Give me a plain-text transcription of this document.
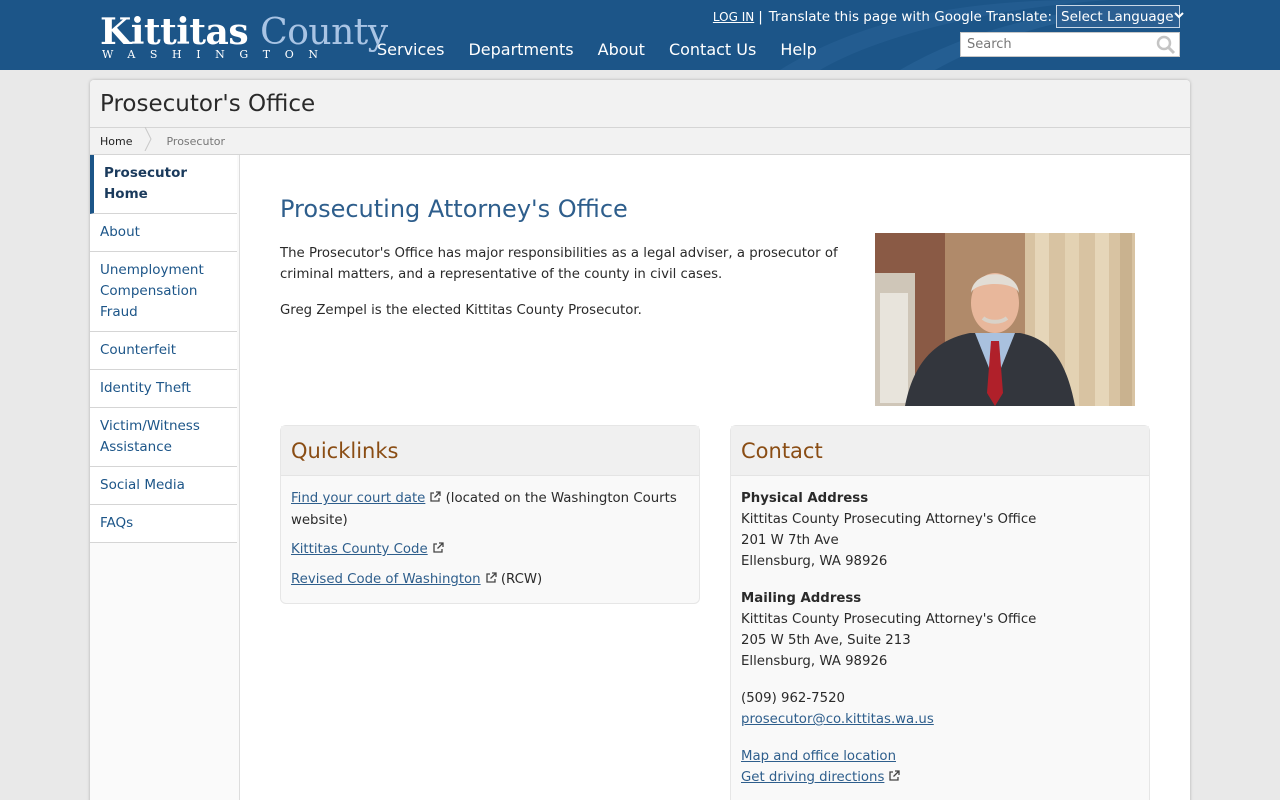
Kittitas County
WASHINGTON	Services	Departments	About	Contact Us	Help
LOG IN | Translate this page with Google Translate: Select Language
Search
Prosecutor's Office
Home	Prosecutor
Prosecutor Home
About
Unemployment Compensation Fraud
Counterfeit
Identity Theft
Victim/Witness Assistance
Social Media
FAQs
Prosecuting Attorney's Office

The Prosecutor's Office has major responsibilities as a legal adviser, a prosecutor of criminal matters, and a representative of the county in civil cases.

Greg Zempel is the elected Kittitas County Prosecutor.

Quicklinks
Find your court date (located on the Washington Courts website)
Kittitas County Code
Revised Code of Washington (RCW)
Contact
Physical Address
Kittitas County Prosecuting Attorney's Office
201 W 7th Ave
Ellensburg, WA 98926
Mailing Address
Kittitas County Prosecuting Attorney's Office
205 W 5th Ave, Suite 213
Ellensburg, WA 98926
(509) 962-7520
prosecutor@co.kittitas.wa.us
Map and office location
Get driving directions
